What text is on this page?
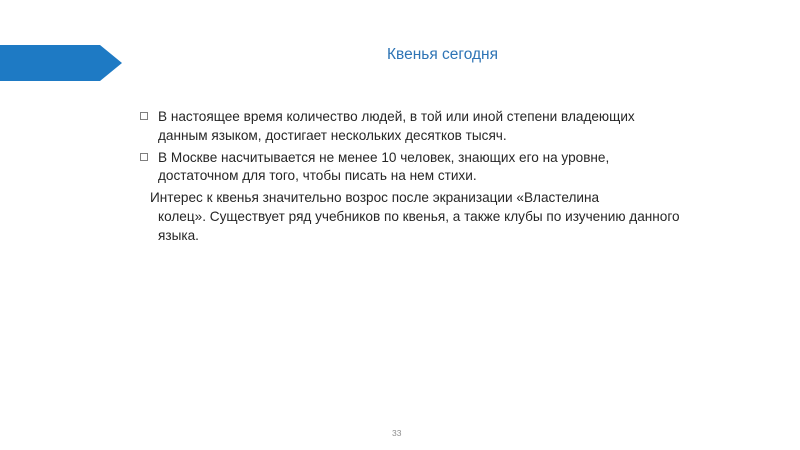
Квенья сегодня
В настоящее время количество людей, в той или иной степени владеющих данным языком, достигает нескольких десятков тысяч.
В Москве насчитывается не менее 10 человек, знающих его на уровне, достаточном для того, чтобы писать на нем стихи.
Интерес к квенья значительно возрос после экранизации «Властелина
колец». Существует ряд учебников по квенья, а также клубы по изучению данного языка.
33
